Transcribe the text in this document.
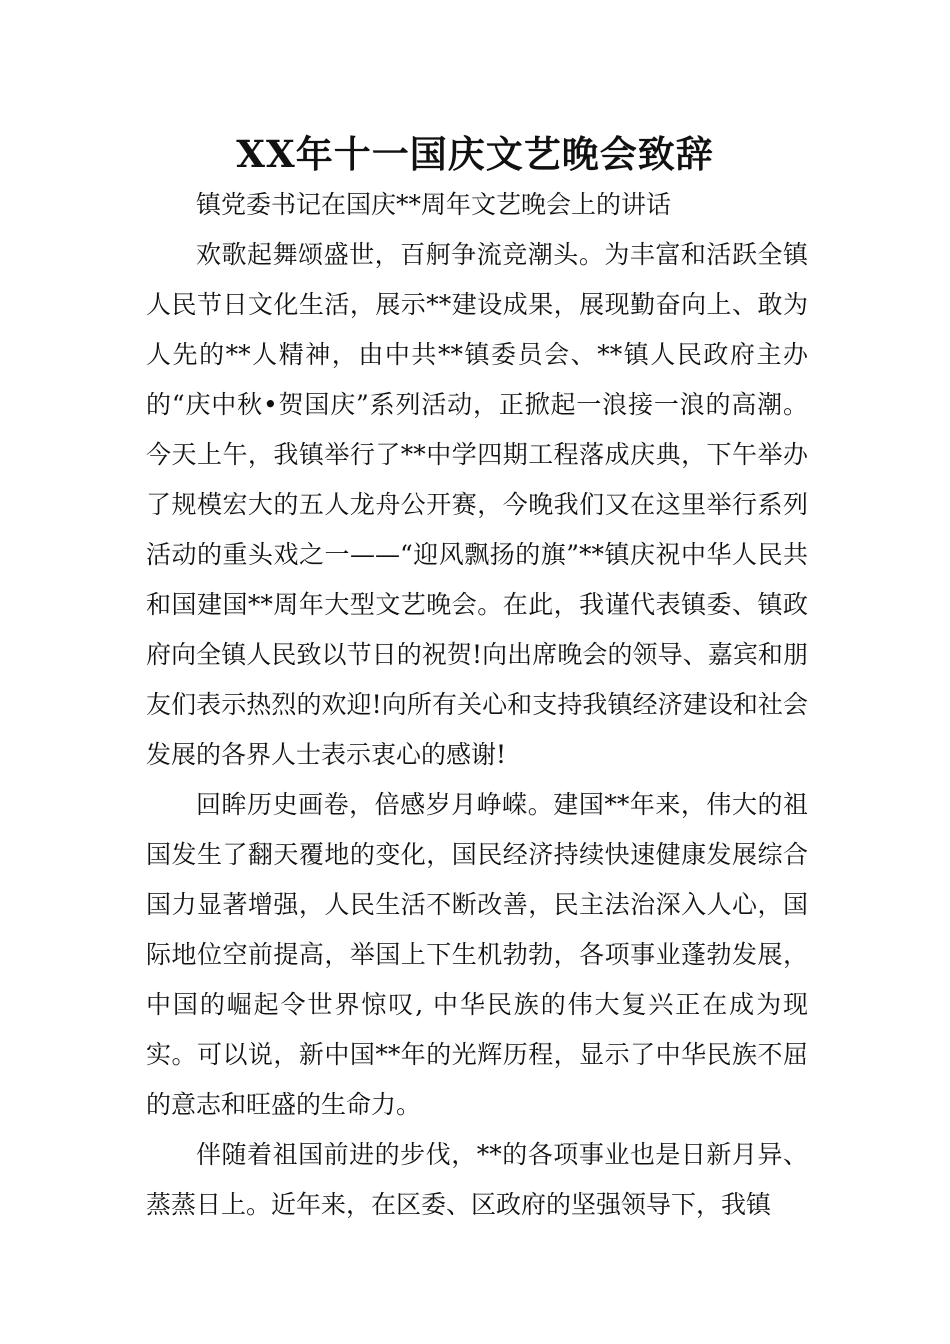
XX年十一国庆文艺晚会致辞

镇党委书记在国庆**周年文艺晚会上的讲话

欢歌起舞颂盛世，百舸争流竞潮头。为丰富和活跃全镇人民节日文化生活，展示**建设成果，展现勤奋向上、敢为人先的**人精神，由中共**镇委员会、**镇人民政府主办的“庆中秋•贺国庆”系列活动，正掀起一浪接一浪的高潮。今天上午，我镇举行了**中学四期工程落成庆典，下午举办了规模宏大的五人龙舟公开赛，今晚我们又在这里举行系列活动的重头戏之一——“迎风飘扬的旗”**镇庆祝中华人民共和国建国**周年大型文艺晚会。在此，我谨代表镇委、镇政府向全镇人民致以节日的祝贺!向出席晚会的领导、嘉宾和朋友们表示热烈的欢迎!向所有关心和支持我镇经济建设和社会发展的各界人士表示衷心的感谢!

回眸历史画卷，倍感岁月峥嵘。建国**年来，伟大的祖国发生了翻天覆地的变化，国民经济持续快速健康发展综合国力显著增强，人民生活不断改善，民主法治深入人心，国际地位空前提高，举国上下生机勃勃，各项事业蓬勃发展，中国的崛起令世界惊叹, 中华民族的伟大复兴正在成为现实。可以说，新中国**年的光辉历程，显示了中华民族不屈的意志和旺盛的生命力。

伴随着祖国前进的步伐，**的各项事业也是日新月异、蒸蒸日上。近年来，在区委、区政府的坚强领导下，我镇
